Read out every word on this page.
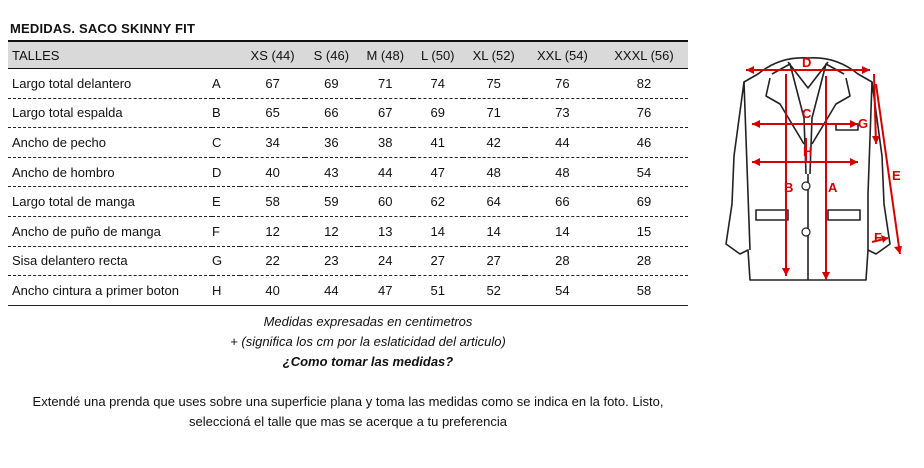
MEDIDAS. SACO SKINNY FIT
TALLES		XS (44)	S (46)	M (48)	L (50)	XL (52)	XXL (54)	XXXL (56)
Largo total delantero	A	67	69	71	74	75	76	82
Largo total espalda	B	65	66	67	69	71	73	76
Ancho de pecho	C	34	36	38	41	42	44	46
Ancho de hombro	D	40	43	44	47	48	48	54
Largo total de manga	E	58	59	60	62	64	66	69
Ancho de puño de manga	F	12	12	13	14	14	14	15
Sisa delantero recta	G	22	23	24	27	27	28	28
Ancho cintura a primer boton	H	40	44	47	51	52	54	58
Medidas expresadas en centimetros
+ (significa los cm por la eslaticidad del articulo)
¿Como tomar las medidas?
Extendé una prenda que uses sobre una superficie plana y toma las medidas como se indica en la foto. Listo,
seleccioná el talle que mas se acerque a tu preferencia
D
C
H
G
B	A
E
F
